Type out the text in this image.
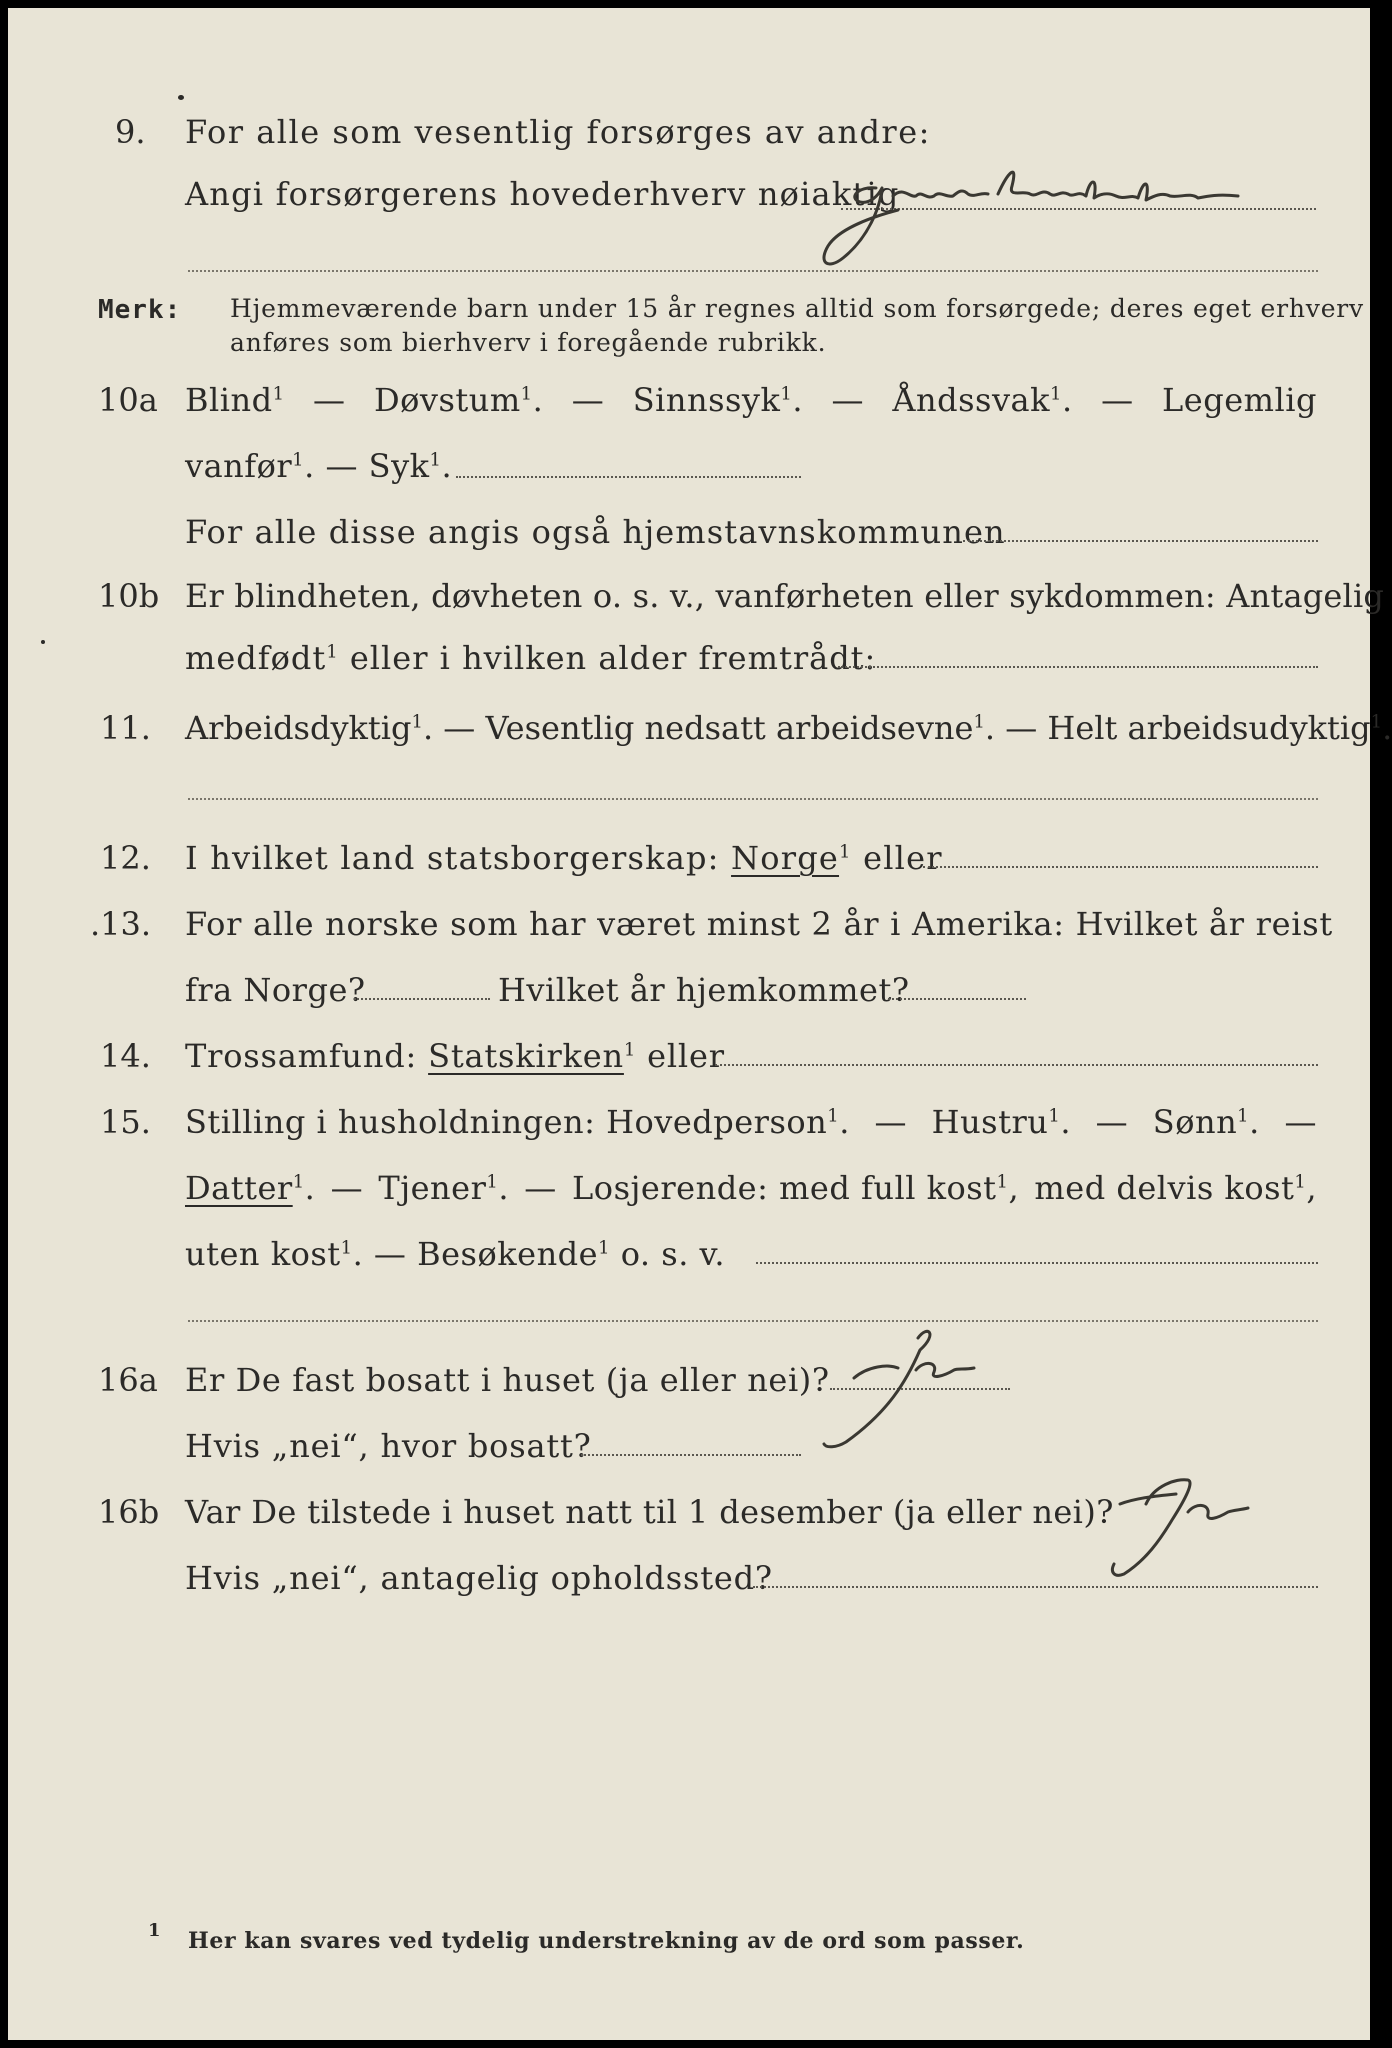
9. For alle som vesentlig forsørges av andre:
Angi forsørgerens hovederhverv nøiaktig
Merk: Hjemmeværende barn under 15 år regnes alltid som forsørgede; deres eget erhverv
anføres som bierhverv i foregående rubrikk.
10a Blind$^1$ — Døvstum$^1$. — Sinnssyk$^1$. — Åndssvak$^1$. — Legemlig
vanfør$^1$. — Syk$^1$.
For alle disse angis også hjemstavnskommunen
10b Er blindheten, døvheten o. s. v., vanførheten eller sykdommen: Antagelig
medfødt$^1$ eller i hvilken alder fremtrådt:
11. Arbeidsdyktig$^1$. — Vesentlig nedsatt arbeidsevne$^1$. — Helt arbeidsudyktig$^1$.
12. I hvilket land statsborgerskap: Norge$^1$ eller
.13. For alle norske som har været minst 2 år i Amerika: Hvilket år reist
fra Norge?	Hvilket år hjemkommet?
14. Trossamfund: Statskirken$^1$ eller
15. Stilling i husholdningen: Hovedperson$^1$. — Hustru$^1$. — Sønn$^1$. —
Datter$^1$. — Tjener$^1$. — Losjerende: med full kost$^1$, med delvis kost$^1$,
uten kost$^1$. — Besøkende$^1$ o. s. v.
16a Er De fast bosatt i huset (ja eller nei)?
Hvis „nei“, hvor bosatt?
16b Var De tilstede i huset natt til 1 desember (ja eller nei)?
Hvis „nei“, antagelig opholdssted?
1 Her kan svares ved tydelig understrekning av de ord som passer.
